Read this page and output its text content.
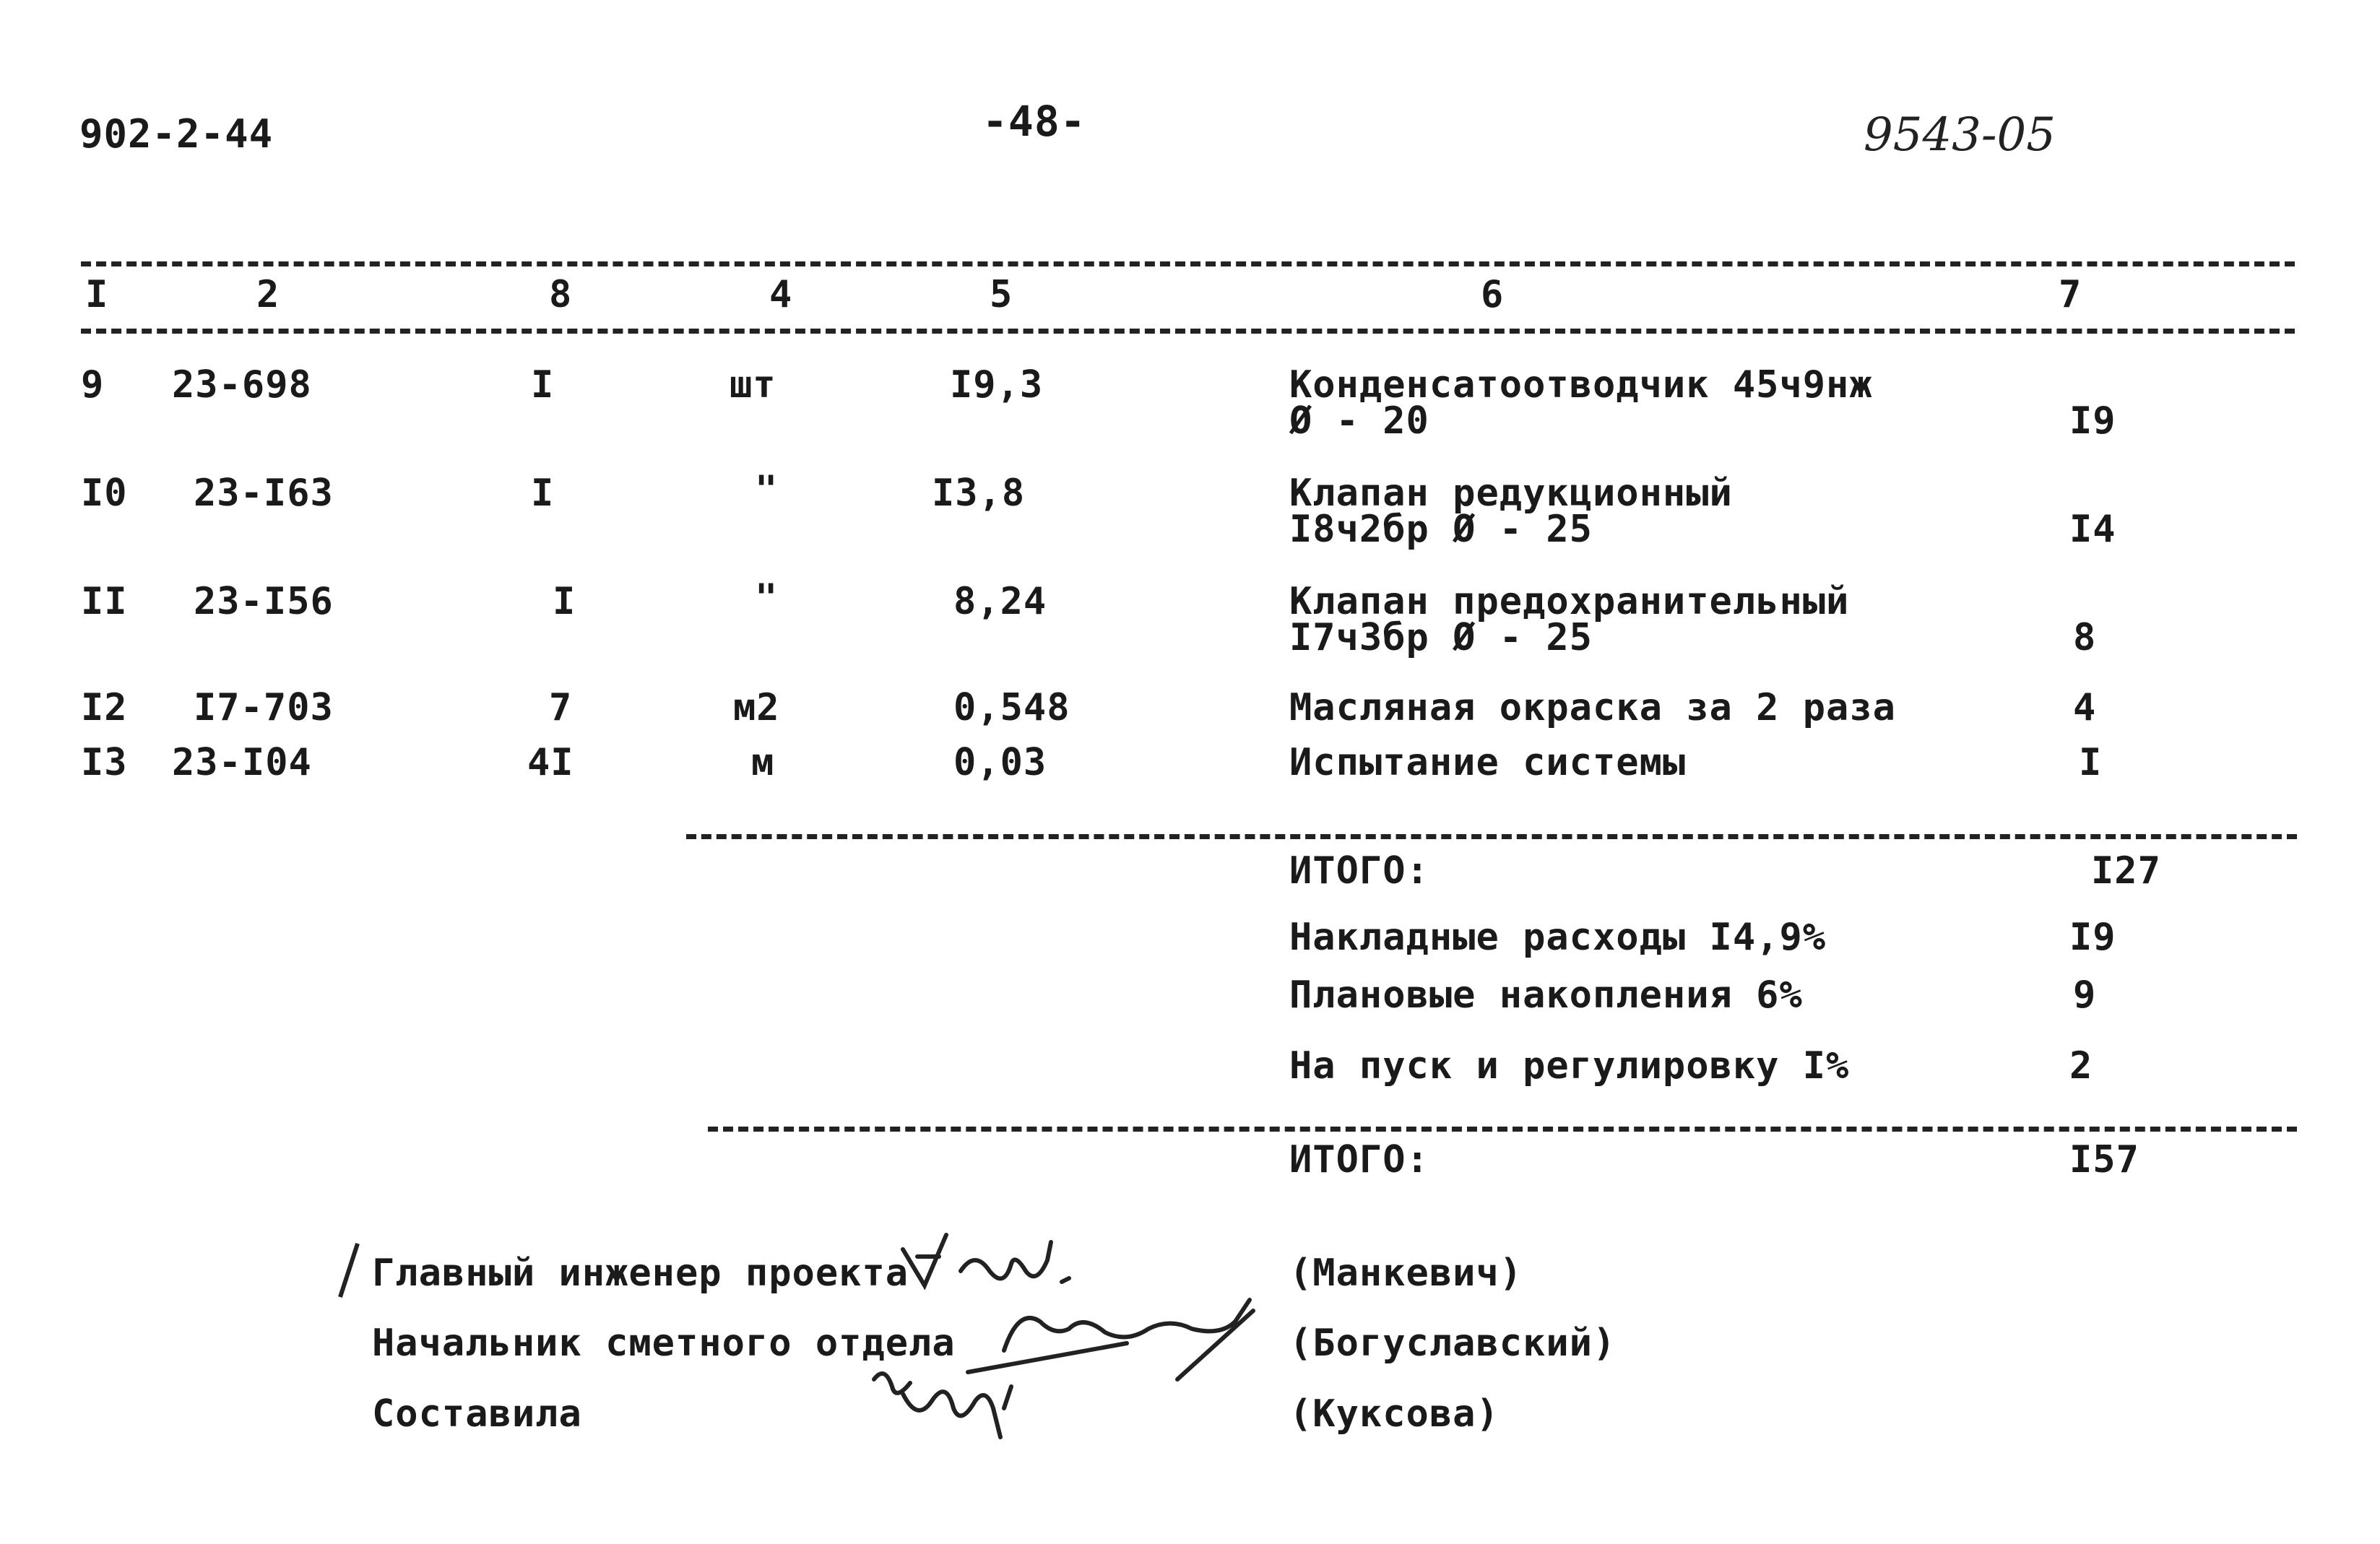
902-2-44	-48-	9543-05
I	2	8	4	5	6	7
9 23-698	I	шт	I9,3	Конденсатоотводчик 45ч9нж
Ø - 20	I9
I0 23-I63	I	"	I3,8	Клапан редукционный
I8ч2бр Ø - 25	I4
II 23-I56	I	"	8,24	Клапан предохранительный
I7ч3бр Ø - 25	8
I2 I7-703	7	м2	0,548	Масляная окраска за 2 раза	4
I3 23-I04	4I	м	0,03	Испытание системы	I
ИТОГО:	I27
Накладные расходы I4,9%	I9
Плановые накопления 6%	9
На пуск и регулировку I%	2
ИТОГО:	I57
Главный инженер проекта	(Манкевич)
Начальник сметного отдела	(Богуславский)
Составила	(Куксова)
